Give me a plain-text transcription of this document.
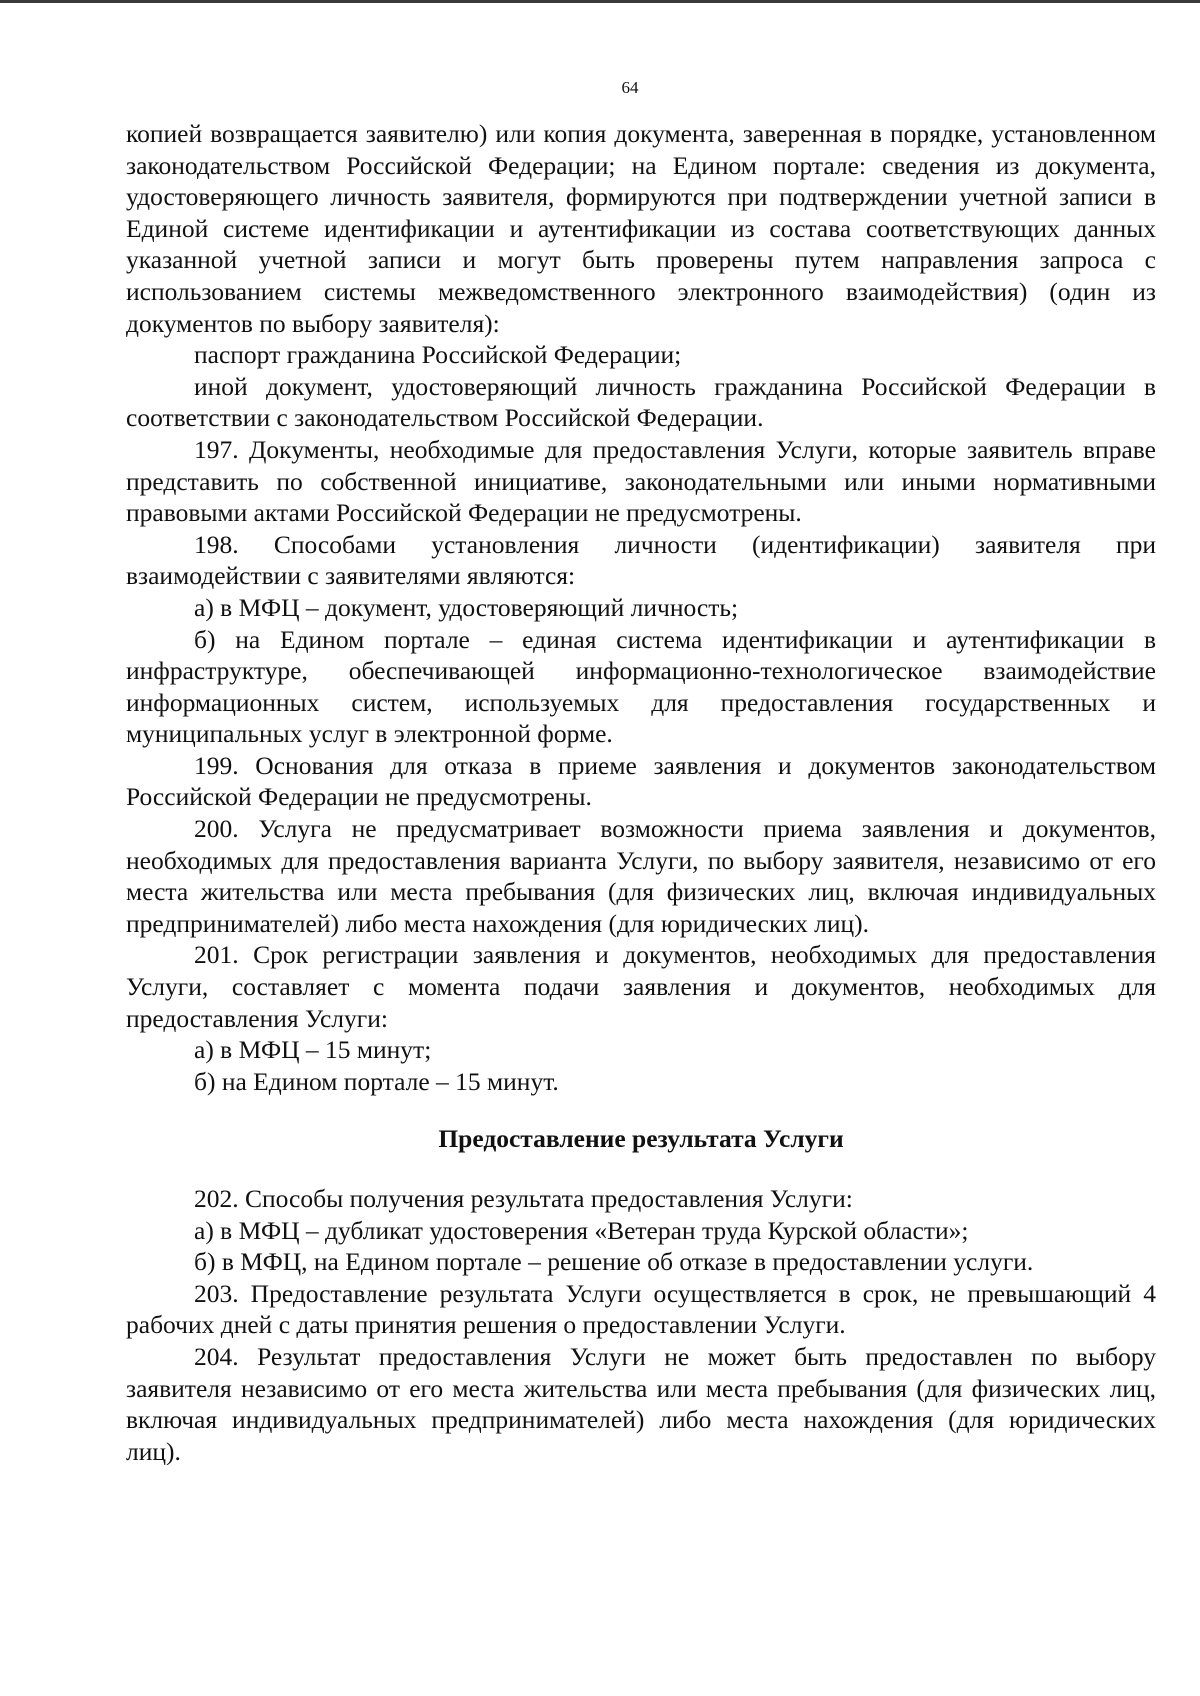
64

копией возвращается заявителю) или копия документа, заверенная в порядке, установленном законодательством Российской Федерации; на Едином портале: сведения из документа, удостоверяющего личность заявителя, формируются при подтверждении учетной записи в Единой системе идентификации и аутентификации из состава соответствующих данных указанной учетной записи и могут быть проверены путем направления запроса с использованием системы межведомственного электронного взаимодействия) (один из документов по выбору заявителя):

паспорт гражданина Российской Федерации;

иной документ, удостоверяющий личность гражданина Российской Федерации в соответствии с законодательством Российской Федерации.

197. Документы, необходимые для предоставления Услуги, которые заявитель вправе представить по собственной инициативе, законодательными или иными нормативными правовыми актами Российской Федерации не предусмотрены.

198. Способами установления личности (идентификации) заявителя при взаимодействии с заявителями являются:

а) в МФЦ – документ, удостоверяющий личность;

б) на Едином портале – единая система идентификации и аутентификации в инфраструктуре, обеспечивающей информационно-технологическое взаимодействие информационных систем, используемых для предоставления государственных и муниципальных услуг в электронной форме.

199. Основания для отказа в приеме заявления и документов законодательством Российской Федерации не предусмотрены.

200. Услуга не предусматривает возможности приема заявления и документов, необходимых для предоставления варианта Услуги, по выбору заявителя, независимо от его места жительства или места пребывания (для физических лиц, включая индивидуальных предпринимателей) либо места нахождения (для юридических лиц).

201. Срок регистрации заявления и документов, необходимых для предоставления Услуги, составляет с момента подачи заявления и документов, необходимых для предоставления Услуги:

а) в МФЦ – 15 минут;

б) на Едином портале – 15 минут.

Предоставление результата Услуги

202. Способы получения результата предоставления Услуги:

а) в МФЦ – дубликат удостоверения «Ветеран труда Курской области»;

б) в МФЦ, на Едином портале – решение об отказе в предоставлении услуги.

203. Предоставление результата Услуги осуществляется в срок, не превышающий 4 рабочих дней с даты принятия решения о предоставлении Услуги.

204. Результат предоставления Услуги не может быть предоставлен по выбору заявителя независимо от его места жительства или места пребывания (для физических лиц, включая индивидуальных предпринимателей) либо места нахождения (для юридических лиц).
